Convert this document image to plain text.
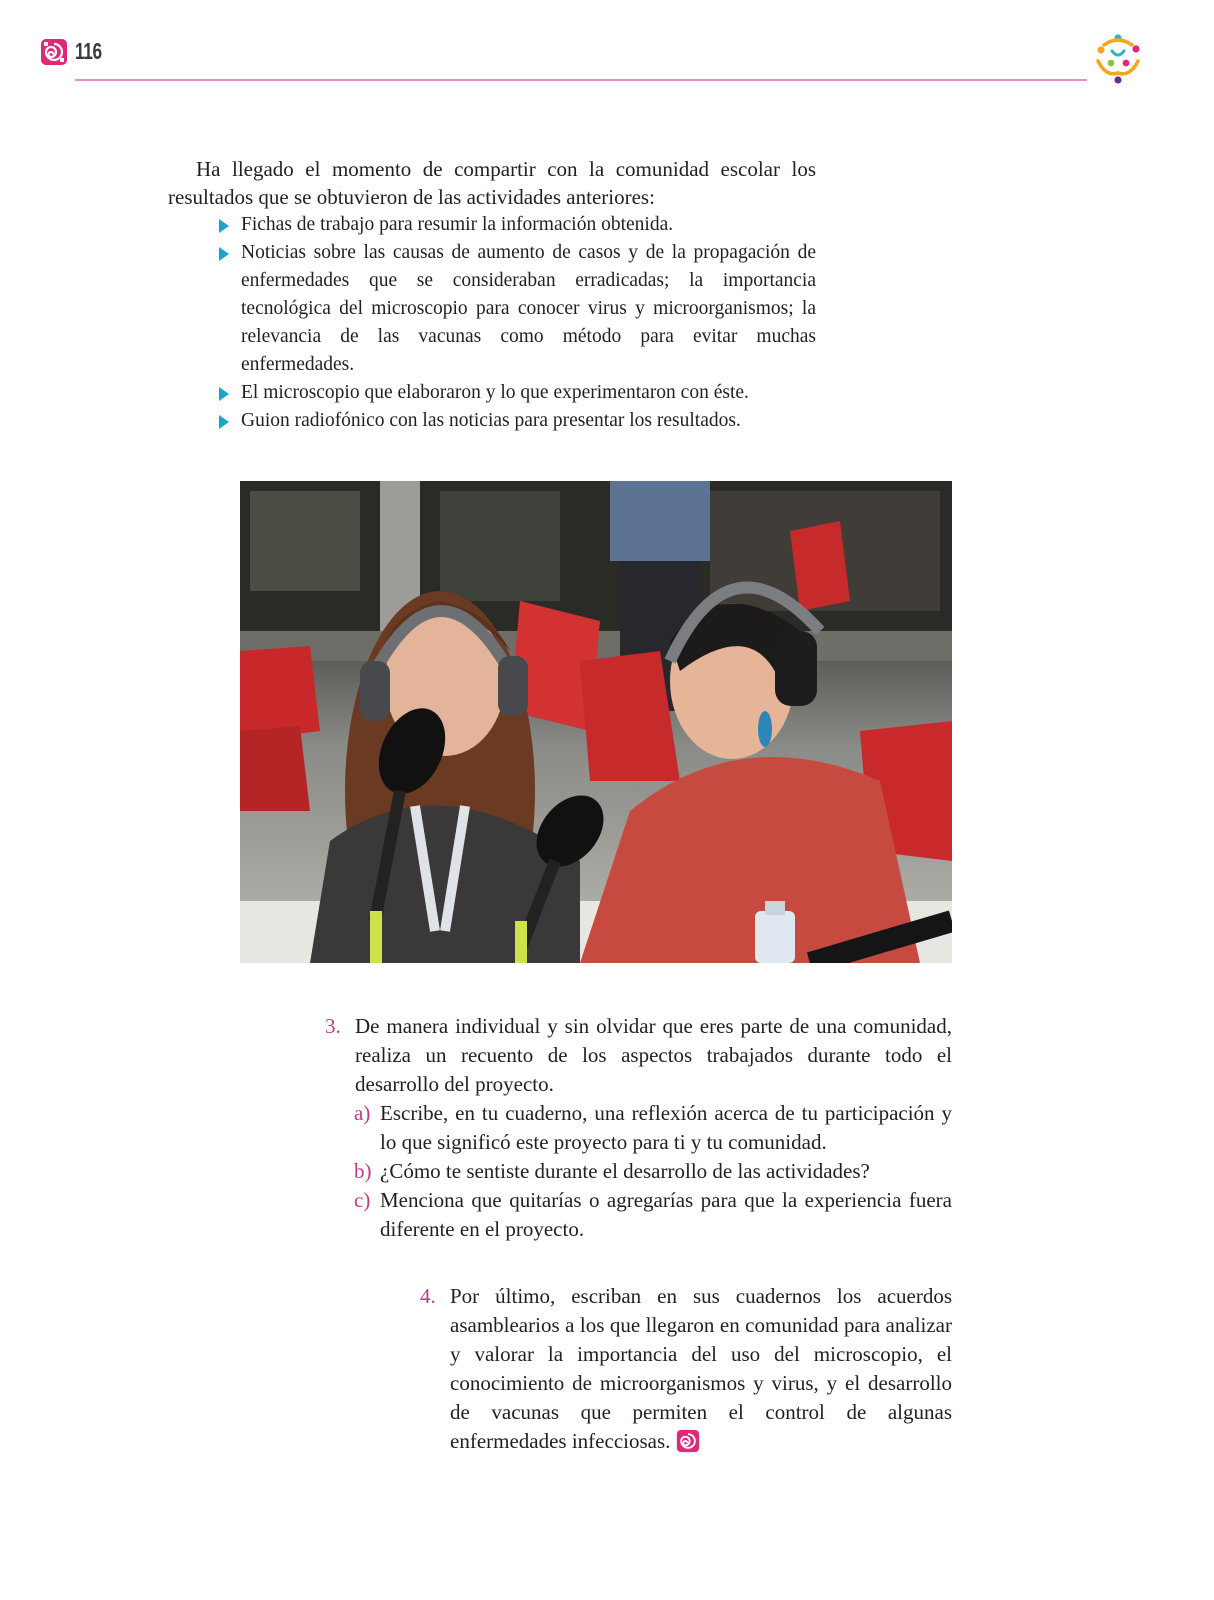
116

Ha llegado el momento de compartir con la comunidad escolar los resultados que se obtuvieron de las actividades anteriores:

Fichas de trabajo para resumir la información obtenida.
Noticias sobre las causas de aumento de casos y de la propagación de enfermedades que se consideraban erradicadas; la importancia tecnológica del microscopio para conocer virus y microorganismos; la relevancia de las vacunas como método para evitar muchas enfermedades.
El microscopio que elaboraron y lo que experimentaron con éste.
Guion radiofónico con las noticias para presentar los resultados.
3. De manera individual y sin olvidar que eres parte de una comunidad, realiza un recuento de los aspectos trabajados durante todo el desarrollo del proyecto.
a) Escribe, en tu cuaderno, una reflexión acerca de tu participación y lo que significó este proyecto para ti y tu comunidad.
b) ¿Cómo te sentiste durante el desarrollo de las actividades?
c) Menciona que quitarías o agregarías para que la experiencia fuera diferente en el proyecto.
4. Por último, escriban en sus cuadernos los acuerdos asamblearios a los que llegaron en comunidad para analizar y valorar la importancia del uso del microscopio, el conocimiento de microorganismos y virus, y el desarrollo de vacunas que permiten el control de algunas enfermedades infecciosas.
